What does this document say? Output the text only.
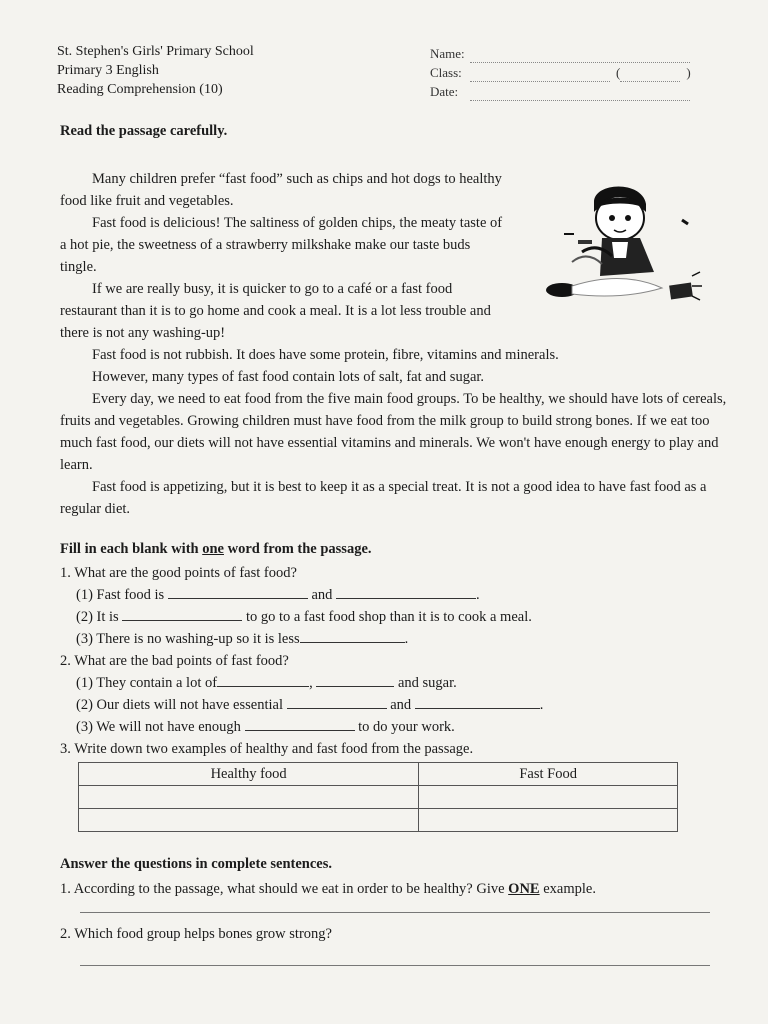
St. Stephen's Girls' Primary School
Primary 3 English
Reading Comprehension (10)
Name:
Class:	(	)
Date:
Read the passage carefully.

Many children prefer “fast food” such as chips and hot dogs to healthy food like fruit and vegetables.

Fast food is delicious! The saltiness of golden chips, the meaty taste of a hot pie, the sweetness of a strawberry milkshake make our taste buds tingle.

If we are really busy, it is quicker to go to a café or a fast food restaurant than it is to go home and cook a meal. It is a lot less trouble and there is not any washing-up!

Fast food is not rubbish. It does have some protein, fibre, vitamins and minerals.

However, many types of fast food contain lots of salt, fat and sugar.

Every day, we need to eat food from the five main food groups. To be healthy, we should have lots of cereals, fruits and vegetables. Growing children must have food from the milk group to build strong bones. If we eat too much fast food, our diets will not have essential vitamins and minerals. We won't have enough energy to play and learn.

Fast food is appetizing, but it is best to keep it as a special treat. It is not a good idea to have fast food as a regular diet.

Fill in each blank with one word from the passage.

1. What are the good points of fast food?

(1) Fast food is	and	.

(2) It is	to go to a fast food shop than it is to cook a meal.

(3) There is no washing-up so it is less	.

2. What are the bad points of fast food?

(1) They contain a lot of	,	and sugar.

(2) Our diets will not have essential	and	.

(3) We will not have enough	to do your work.

3. Write down two examples of healthy and fast food from the passage.

Healthy food	Fast Food

Answer the questions in complete sentences.

1. According to the passage, what should we eat in order to be healthy? Give ONE example.

2. Which food group helps bones grow strong?
